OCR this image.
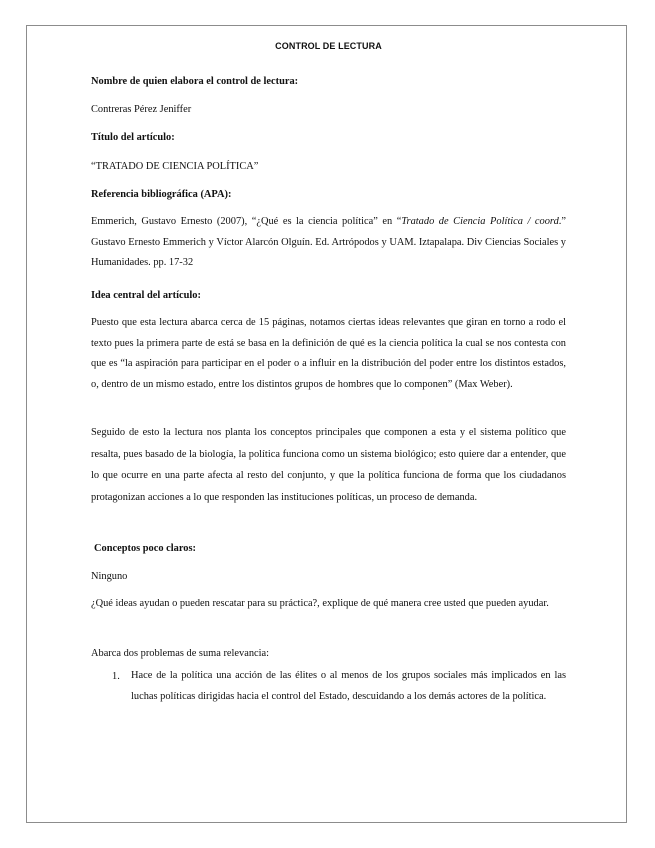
CONTROL DE LECTURA
Nombre de quien elabora el control de lectura:
Contreras Pérez Jeniffer
Título del artículo:
“TRATADO DE CIENCIA POLÍTICA”
Referencia bibliográfica (APA):
Emmerich, Gustavo Ernesto (2007), “¿Qué es la ciencia política” en “Tratado de Ciencia Política / coord.” Gustavo Ernesto Emmerich y Víctor Alarcón Olguín. Ed. Artrópodos y UAM. Iztapalapa. Div Ciencias Sociales y Humanidades. pp. 17-32
Idea central del artículo:
Puesto que esta lectura abarca cerca de 15 páginas, notamos ciertas ideas relevantes que giran en torno a rodo el texto pues la primera parte de está se basa en la definición de qué es la ciencia política la cual se nos contesta con que es “la aspiración para participar en el poder o a influir en la distribución del poder entre los distintos estados, o, dentro de un mismo estado, entre los distintos grupos de hombres que lo componen” (Max Weber).
Seguido de esto la lectura nos planta los conceptos principales que componen a esta y el sistema político que resalta, pues basado de la biología, la política funciona como un sistema biológico; esto quiere dar a entender, que lo que ocurre en una parte afecta al resto del conjunto, y que la política funciona de forma que los ciudadanos protagonizan acciones a lo que responden las instituciones políticas, un proceso de demanda.
Conceptos poco claros:
Ninguno
¿Qué ideas ayudan o pueden rescatar para su práctica?, explique de qué manera cree usted que pueden ayudar.
Abarca dos problemas de suma relevancia:
1. Hace de la política una acción de las élites o al menos de los grupos sociales más implicados en las luchas políticas dirigidas hacia el control del Estado, descuidando a los demás actores de la política.
